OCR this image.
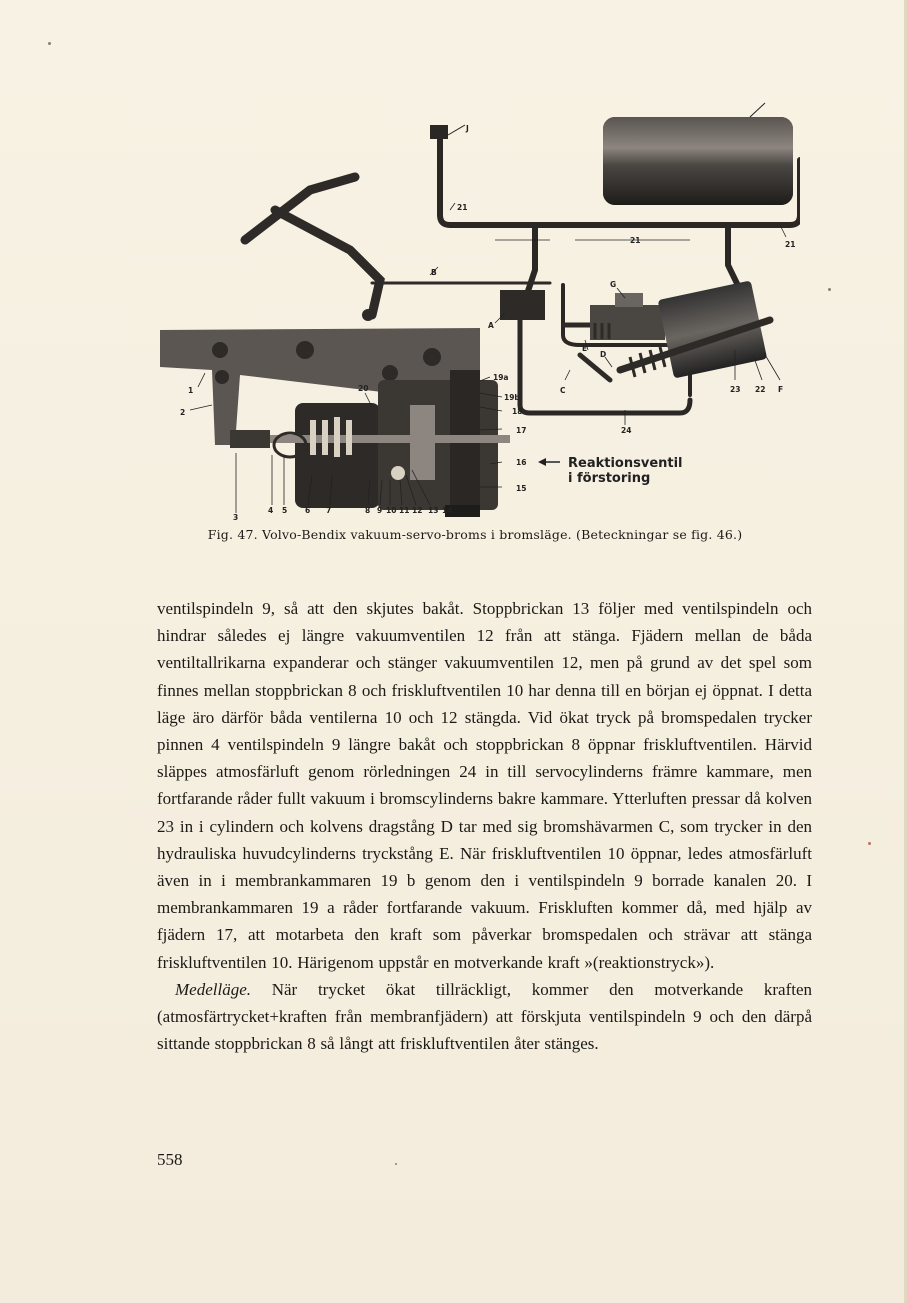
Reaktionsventil
i förstoring
1
2
3
4 5 6 7	8 9 10 11 12 13 14
15
16
17
18
19a
19b
20
21
21	21
22
23
24
A
B
C
D
E
F
G
J
Fig. 47. Volvo-Bendix vakuum-servo-broms i bromsläge. (Beteckningar se fig. 46.)

ventilspindeln 9, så att den skjutes bakåt. Stoppbrickan 13 följer med ventilspindeln och hindrar således ej längre vakuumventilen 12 från att stänga. Fjädern mellan de båda ventiltallrikarna expanderar och stänger vakuumventilen 12, men på grund av det spel som finnes mellan stoppbrickan 8 och friskluftventilen 10 har denna till en början ej öppnat. I detta läge äro därför båda ventilerna 10 och 12 stängda. Vid ökat tryck på bromspedalen trycker pinnen 4 ventilspindeln 9 längre bakåt och stoppbrickan 8 öppnar friskluftventilen. Härvid släppes atmosfärluft genom rörledningen 24 in till servocylinderns främre kammare, men fortfarande råder fullt vakuum i bromscylinderns bakre kammare. Ytterluften pressar då kolven 23 in i cylindern och kolvens dragstång D tar med sig bromshävarmen C, som trycker in den hydrauliska huvudcylinderns tryckstång E. När friskluftventilen 10 öppnar, ledes atmosfärluft även in i membrankammaren 19 b genom den i ventilspindeln 9 borrade kanalen 20. I membrankammaren 19 a råder fortfarande vakuum. Friskluften kommer då, med hjälp av fjädern 17, att motarbeta den kraft som påverkar bromspedalen och strävar att stänga friskluftventilen 10. Härigenom uppstår en motverkande kraft »(reaktionstryck»).

Medelläge. När trycket ökat tillräckligt, kommer den motverkande kraften (atmosfärtrycket+kraften från membranfjädern) att förskjuta ventilspindeln 9 och den därpå sittande stoppbrickan 8 så långt att friskluftventilen åter stänges.

558
